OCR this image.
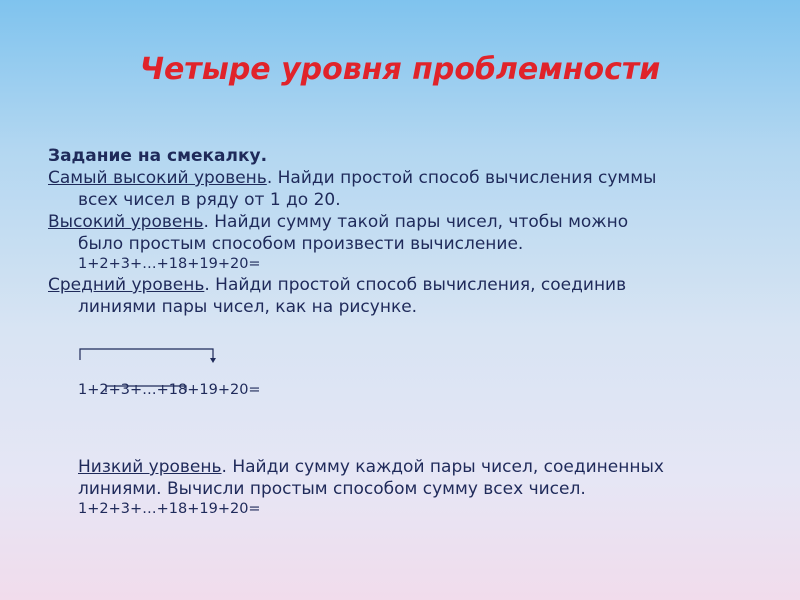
Четыре уровня проблемности
Задание на смекалку.
Самый высокий уровень. Найди простой способ вычисления суммы
всех чисел в ряду от 1 до 20.
Высокий уровень. Найди сумму такой пары чисел, чтобы можно
было простым способом произвести вычисление.
1+2+3+…+18+19+20=
Средний уровень. Найди простой способ вычисления, соединив
линиями пары чисел, как на рисунке.
1+2+3+…+18+19+20=
Низкий уровень. Найди сумму каждой пары чисел, соединенных
линиями. Вычисли простым способом сумму всех чисел.
1+2+3+…+18+19+20=
